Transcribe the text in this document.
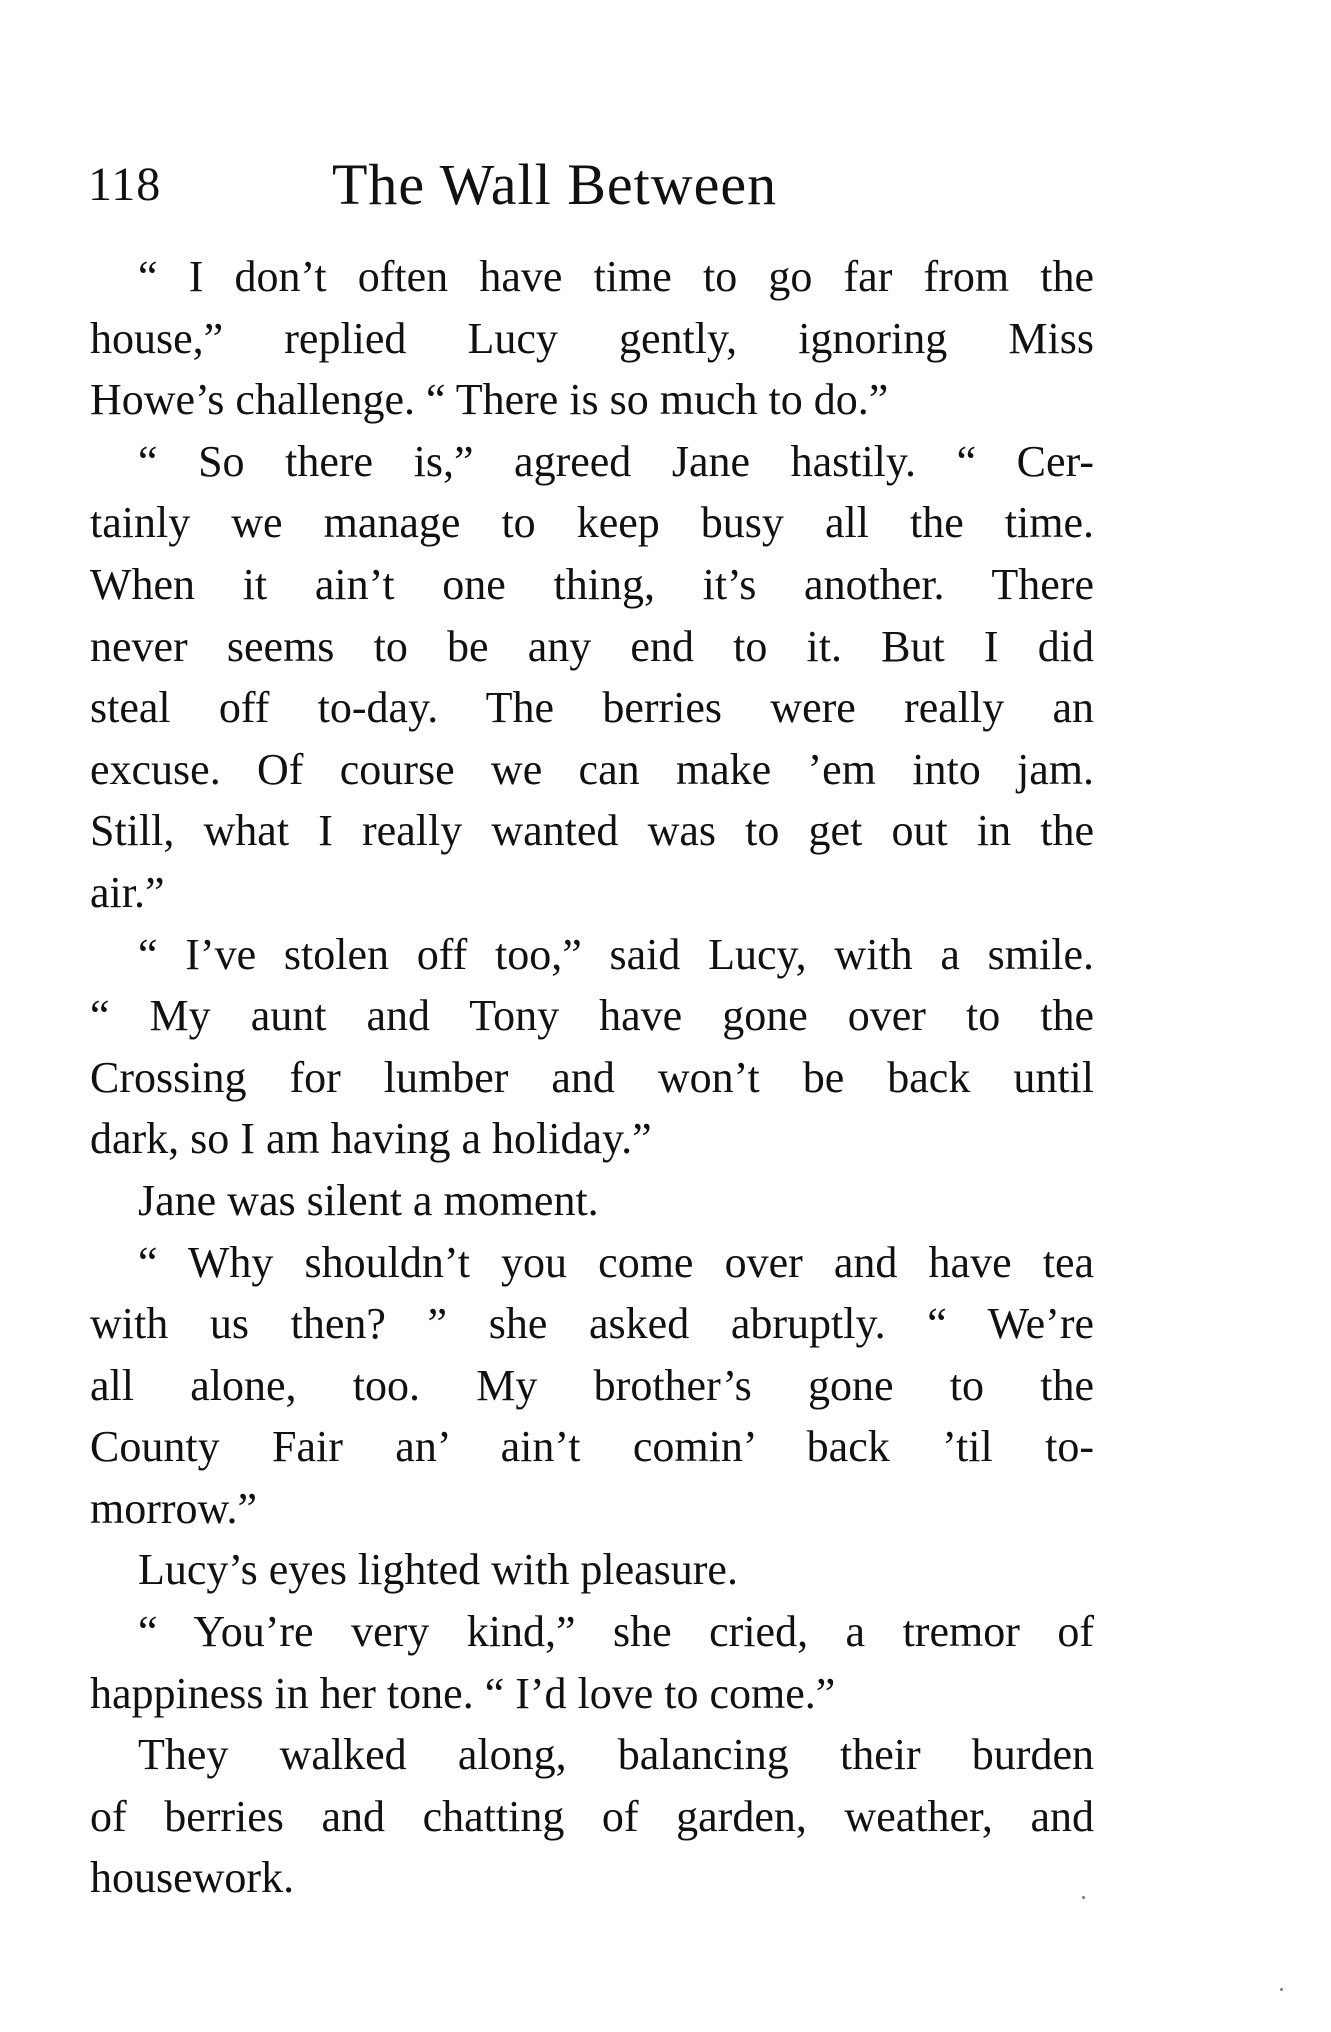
118	The Wall Between

“ I don’t often have time to go far from the
house,” replied Lucy gently, ignoring Miss
Howe’s challenge. “ There is so much to do.”

“ So there is,” agreed Jane hastily. “ Cer-
tainly we manage to keep busy all the time.
When it ain’t one thing, it’s another. There
never seems to be any end to it. But I did
steal off to-day. The berries were really an
excuse. Of course we can make ’em into jam.
Still, what I really wanted was to get out in the
air.”

“ I’ve stolen off too,” said Lucy, with a smile.
“ My aunt and Tony have gone over to the
Crossing for lumber and won’t be back until
dark, so I am having a holiday.”

Jane was silent a moment.

“ Why shouldn’t you come over and have tea
with us then? ” she asked abruptly. “ We’re
all alone, too. My brother’s gone to the
County Fair an’ ain’t comin’ back ’til to-
morrow.”

Lucy’s eyes lighted with pleasure.

“ You’re very kind,” she cried, a tremor of
happiness in her tone. “ I’d love to come.”

They walked along, balancing their burden
of berries and chatting of garden, weather, and
housework.
